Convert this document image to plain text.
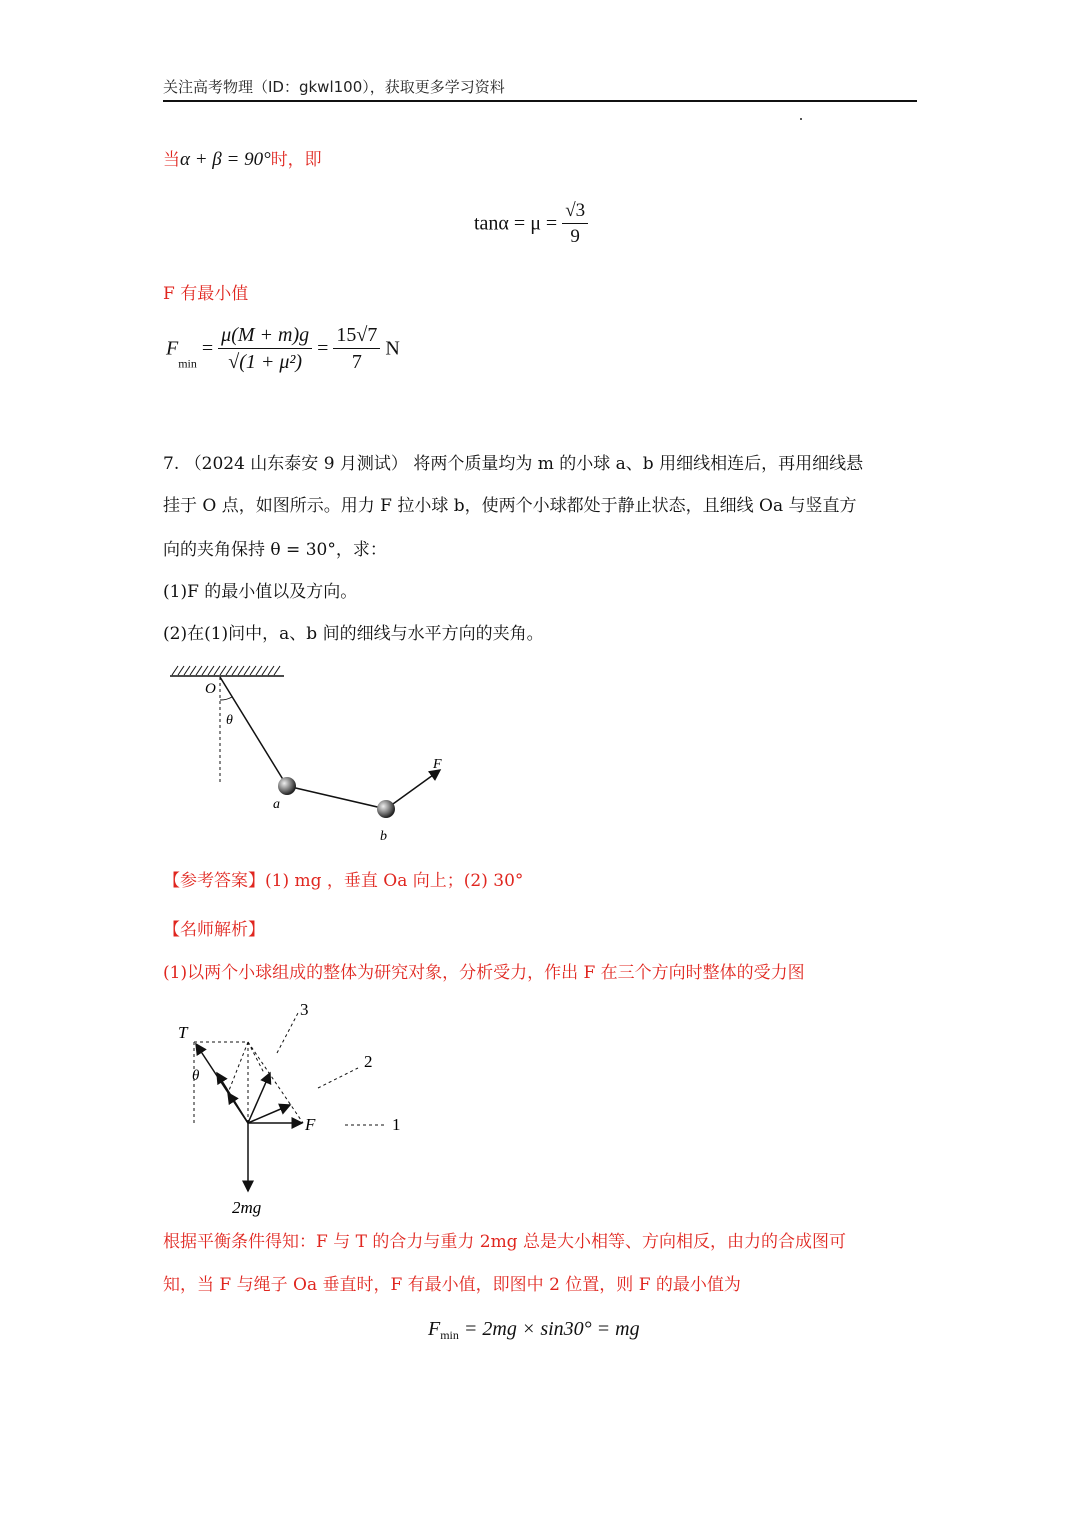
关注高考物理（ID：gkwl100），获取更多学习资料
当α + β = 90°时，即
$\tan\alpha = \mu = \frac{√3}{9}$
F 有最小值
$F_{min} = \frac{\mu(M + m)g}{\text{√(1 + μ²)}} = \frac{15√7}{7}$ N
7. （2024 山东泰安 9 月测试） 将两个质量均为 m 的小球 a、b 用细线相连后，再用细线悬
挂于 O 点，如图所示。用力 F 拉小球 b，使两个小球都处于静止状态，且细线 Oa 与竖直方
向的夹角保持 θ = 30°，求：
(1)F 的最小值以及方向。
(2)在(1)问中，a、b 间的细线与水平方向的夹角。
O
θ
a
b
F
【参考答案】(1) mg ，垂直 Oa 向上；(2) 30°
【名师解析】
(1)以两个小球组成的整体为研究对象，分析受力，作出 F 在三个方向时整体的受力图
T
θ
F
2mg
1
2
3
根据平衡条件得知：F 与 T 的合力与重力 2mg 总是大小相等、方向相反，由力的合成图可
知，当 F 与绳子 Oa 垂直时，F 有最小值，即图中 2 位置，则 F 的最小值为
$F_{min} = 2mg \times \sin 30^\circ$ = mg
